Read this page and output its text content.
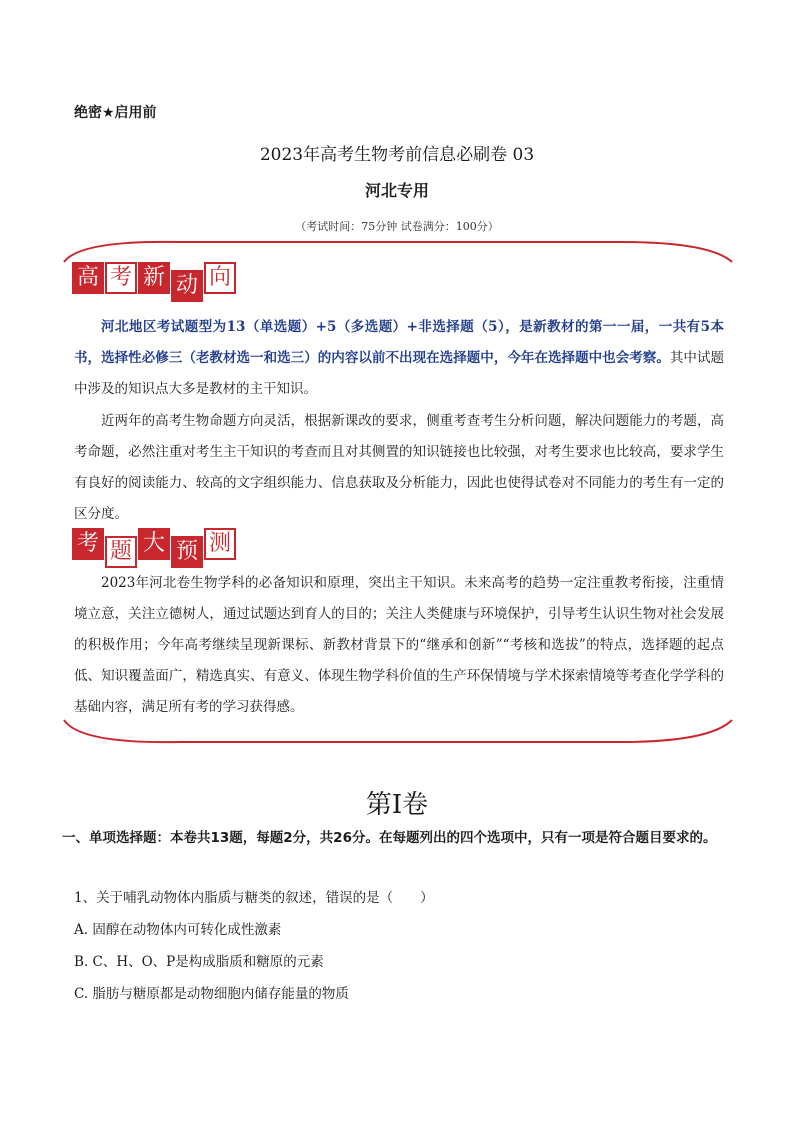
绝密★启用前
2023年高考生物考前信息必刷卷 03
河北专用
（考试时间：75分钟 试卷满分：100分）
高 考 新 动 向
河北地区考试题型为13（单选题）+5（多选题）+非选择题（5），是新教材的第一一届，一共有5本书，选择性必修三（老教材选一和选三）的内容以前不出现在选择题中，今年在选择题中也会考察。其中试题中涉及的知识点大多是教材的主干知识。
近两年的高考生物命题方向灵活，根据新课改的要求，侧重考查考生分析问题，解决问题能力的考题，高考命题，必然注重对考生主干知识的考查而且对其侧置的知识链接也比较强，对考生要求也比较高，要求学生有良好的阅读能力、较高的文字组织能力、信息获取及分析能力，因此也使得试卷对不同能力的考生有一定的区分度。
考 题 大 预 测
2023年河北卷生物学科的必备知识和原理，突出主干知识。未来高考的趋势一定注重教考衔接，注重情境立意，关注立德树人，通过试题达到育人的目的；关注人类健康与环境保护，引导考生认识生物对社会发展的积极作用；今年高考继续呈现新课标、新教材背景下的“继承和创新”“考核和选拔”的特点，选择题的起点低、知识覆盖面广，精选真实、有意义、体现生物学科价值的生产环保情境与学术探索情境等考查化学学科的基础内容，满足所有考的学习获得感。
第Ⅰ卷
一、单项选择题：本卷共13题，每题2分，共26分。在每题列出的四个选项中，只有一项是符合题目要求的。
1、关于哺乳动物体内脂质与糖类的叙述，错误的是（　　）
A. 固醇在动物体内可转化成性激素
B. C、H、O、P是构成脂质和糖原的元素
C. 脂肪与糖原都是动物细胞内储存能量的物质
